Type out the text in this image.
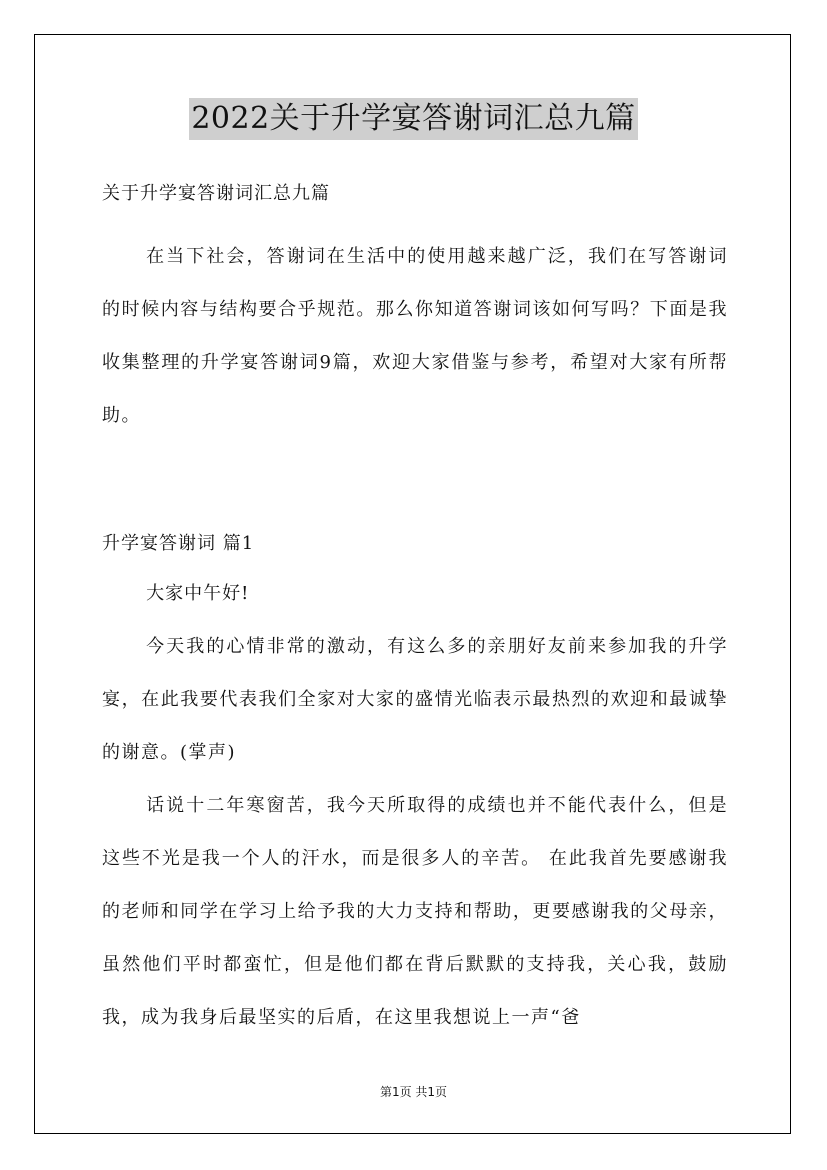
2022关于升学宴答谢词汇总九篇

关于升学宴答谢词汇总九篇

在当下社会，答谢词在生活中的使用越来越广泛，我们在写答谢词的时候内容与结构要合乎规范。那么你知道答谢词该如何写吗？下面是我收集整理的升学宴答谢词9篇，欢迎大家借鉴与参考，希望对大家有所帮助。

升学宴答谢词 篇1

大家中午好!

今天我的心情非常的激动，有这么多的亲朋好友前来参加我的升学宴，在此我要代表我们全家对大家的盛情光临表示最热烈的欢迎和最诚挚的谢意。(掌声)

话说十二年寒窗苦，我今天所取得的成绩也并不能代表什么，但是这些不光是我一个人的汗水，而是很多人的辛苦。 在此我首先要感谢我的老师和同学在学习上给予我的大力支持和帮助，更要感谢我的父母亲，虽然他们平时都蛮忙，但是他们都在背后默默的支持我，关心我，鼓励我，成为我身后最坚实的后盾，在这里我想说上一声“爸

第1页 共1页
